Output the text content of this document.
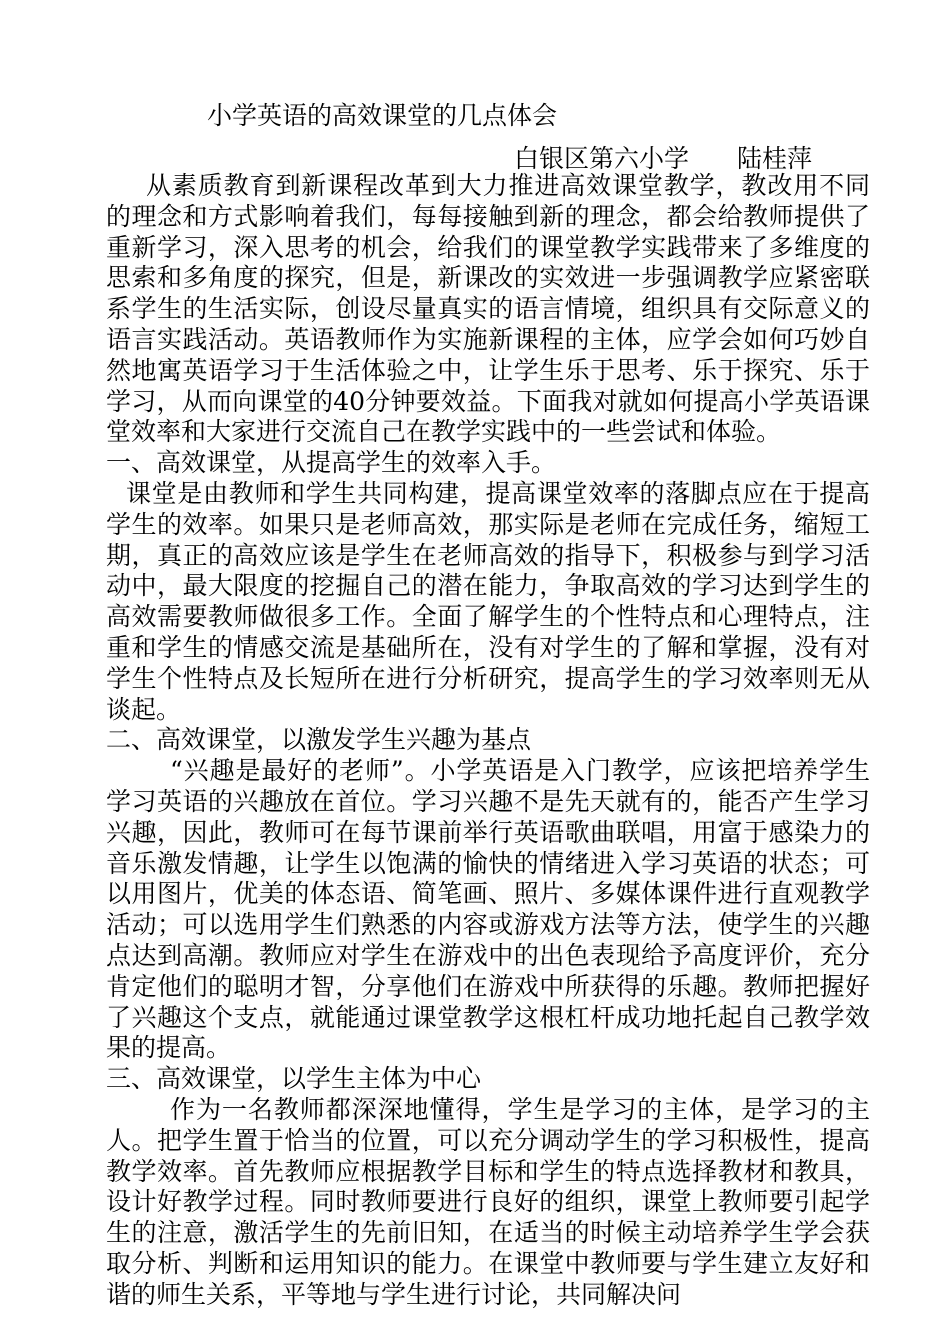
小学英语的高效课堂的几点体会
白银区第六小学 陆桂萍

从素质教育到新课程改革到大力推进高效课堂教学，教改用不同的理念和方式影响着我们，每每接触到新的理念，都会给教师提供了重新学习，深入思考的机会，给我们的课堂教学实践带来了多维度的思索和多角度的探究，但是，新课改的实效进一步强调教学应紧密联系学生的生活实际，创设尽量真实的语言情境，组织具有交际意义的语言实践活动。英语教师作为实施新课程的主体，应学会如何巧妙自然地寓英语学习于生活体验之中，让学生乐于思考、乐于探究、乐于学习，从而向课堂的40分钟要效益。下面我对就如何提高小学英语课堂效率和大家进行交流自己在教学实践中的一些尝试和体验。

一、高效课堂，从提高学生的效率入手。

课堂是由教师和学生共同构建，提高课堂效率的落脚点应在于提高学生的效率。如果只是老师高效，那实际是老师在完成任务，缩短工期，真正的高效应该是学生在老师高效的指导下，积极参与到学习活动中，最大限度的挖掘自己的潜在能力，争取高效的学习达到学生的高效需要教师做很多工作。全面了解学生的个性特点和心理特点，注重和学生的情感交流是基础所在，没有对学生的了解和掌握，没有对学生个性特点及长短所在进行分析研究，提高学生的学习效率则无从谈起。

二、高效课堂，以激发学生兴趣为基点

“兴趣是最好的老师”。小学英语是入门教学，应该把培养学生学习英语的兴趣放在首位。学习兴趣不是先天就有的，能否产生学习兴趣，因此，教师可在每节课前举行英语歌曲联唱，用富于感染力的音乐激发情趣，让学生以饱满的愉快的情绪进入学习英语的状态；可以用图片，优美的体态语、简笔画、照片、多媒体课件进行直观教学活动；可以选用学生们熟悉的内容或游戏方法等方法，使学生的兴趣点达到高潮。教师应对学生在游戏中的出色表现给予高度评价，充分肯定他们的聪明才智，分享他们在游戏中所获得的乐趣。教师把握好了兴趣这个支点，就能通过课堂教学这根杠杆成功地托起自己教学效果的提高。

三、高效课堂，以学生主体为中心

作为一名教师都深深地懂得，学生是学习的主体，是学习的主人。把学生置于恰当的位置，可以充分调动学生的学习积极性，提高教学效率。首先教师应根据教学目标和学生的特点选择教材和教具，设计好教学过程。同时教师要进行良好的组织，课堂上教师要引起学生的注意，激活学生的先前旧知，在适当的时候主动培养学生学会获取分析、判断和运用知识的能力。在课堂中教师要与学生建立友好和谐的师生关系，平等地与学生进行讨论，共同解决问
